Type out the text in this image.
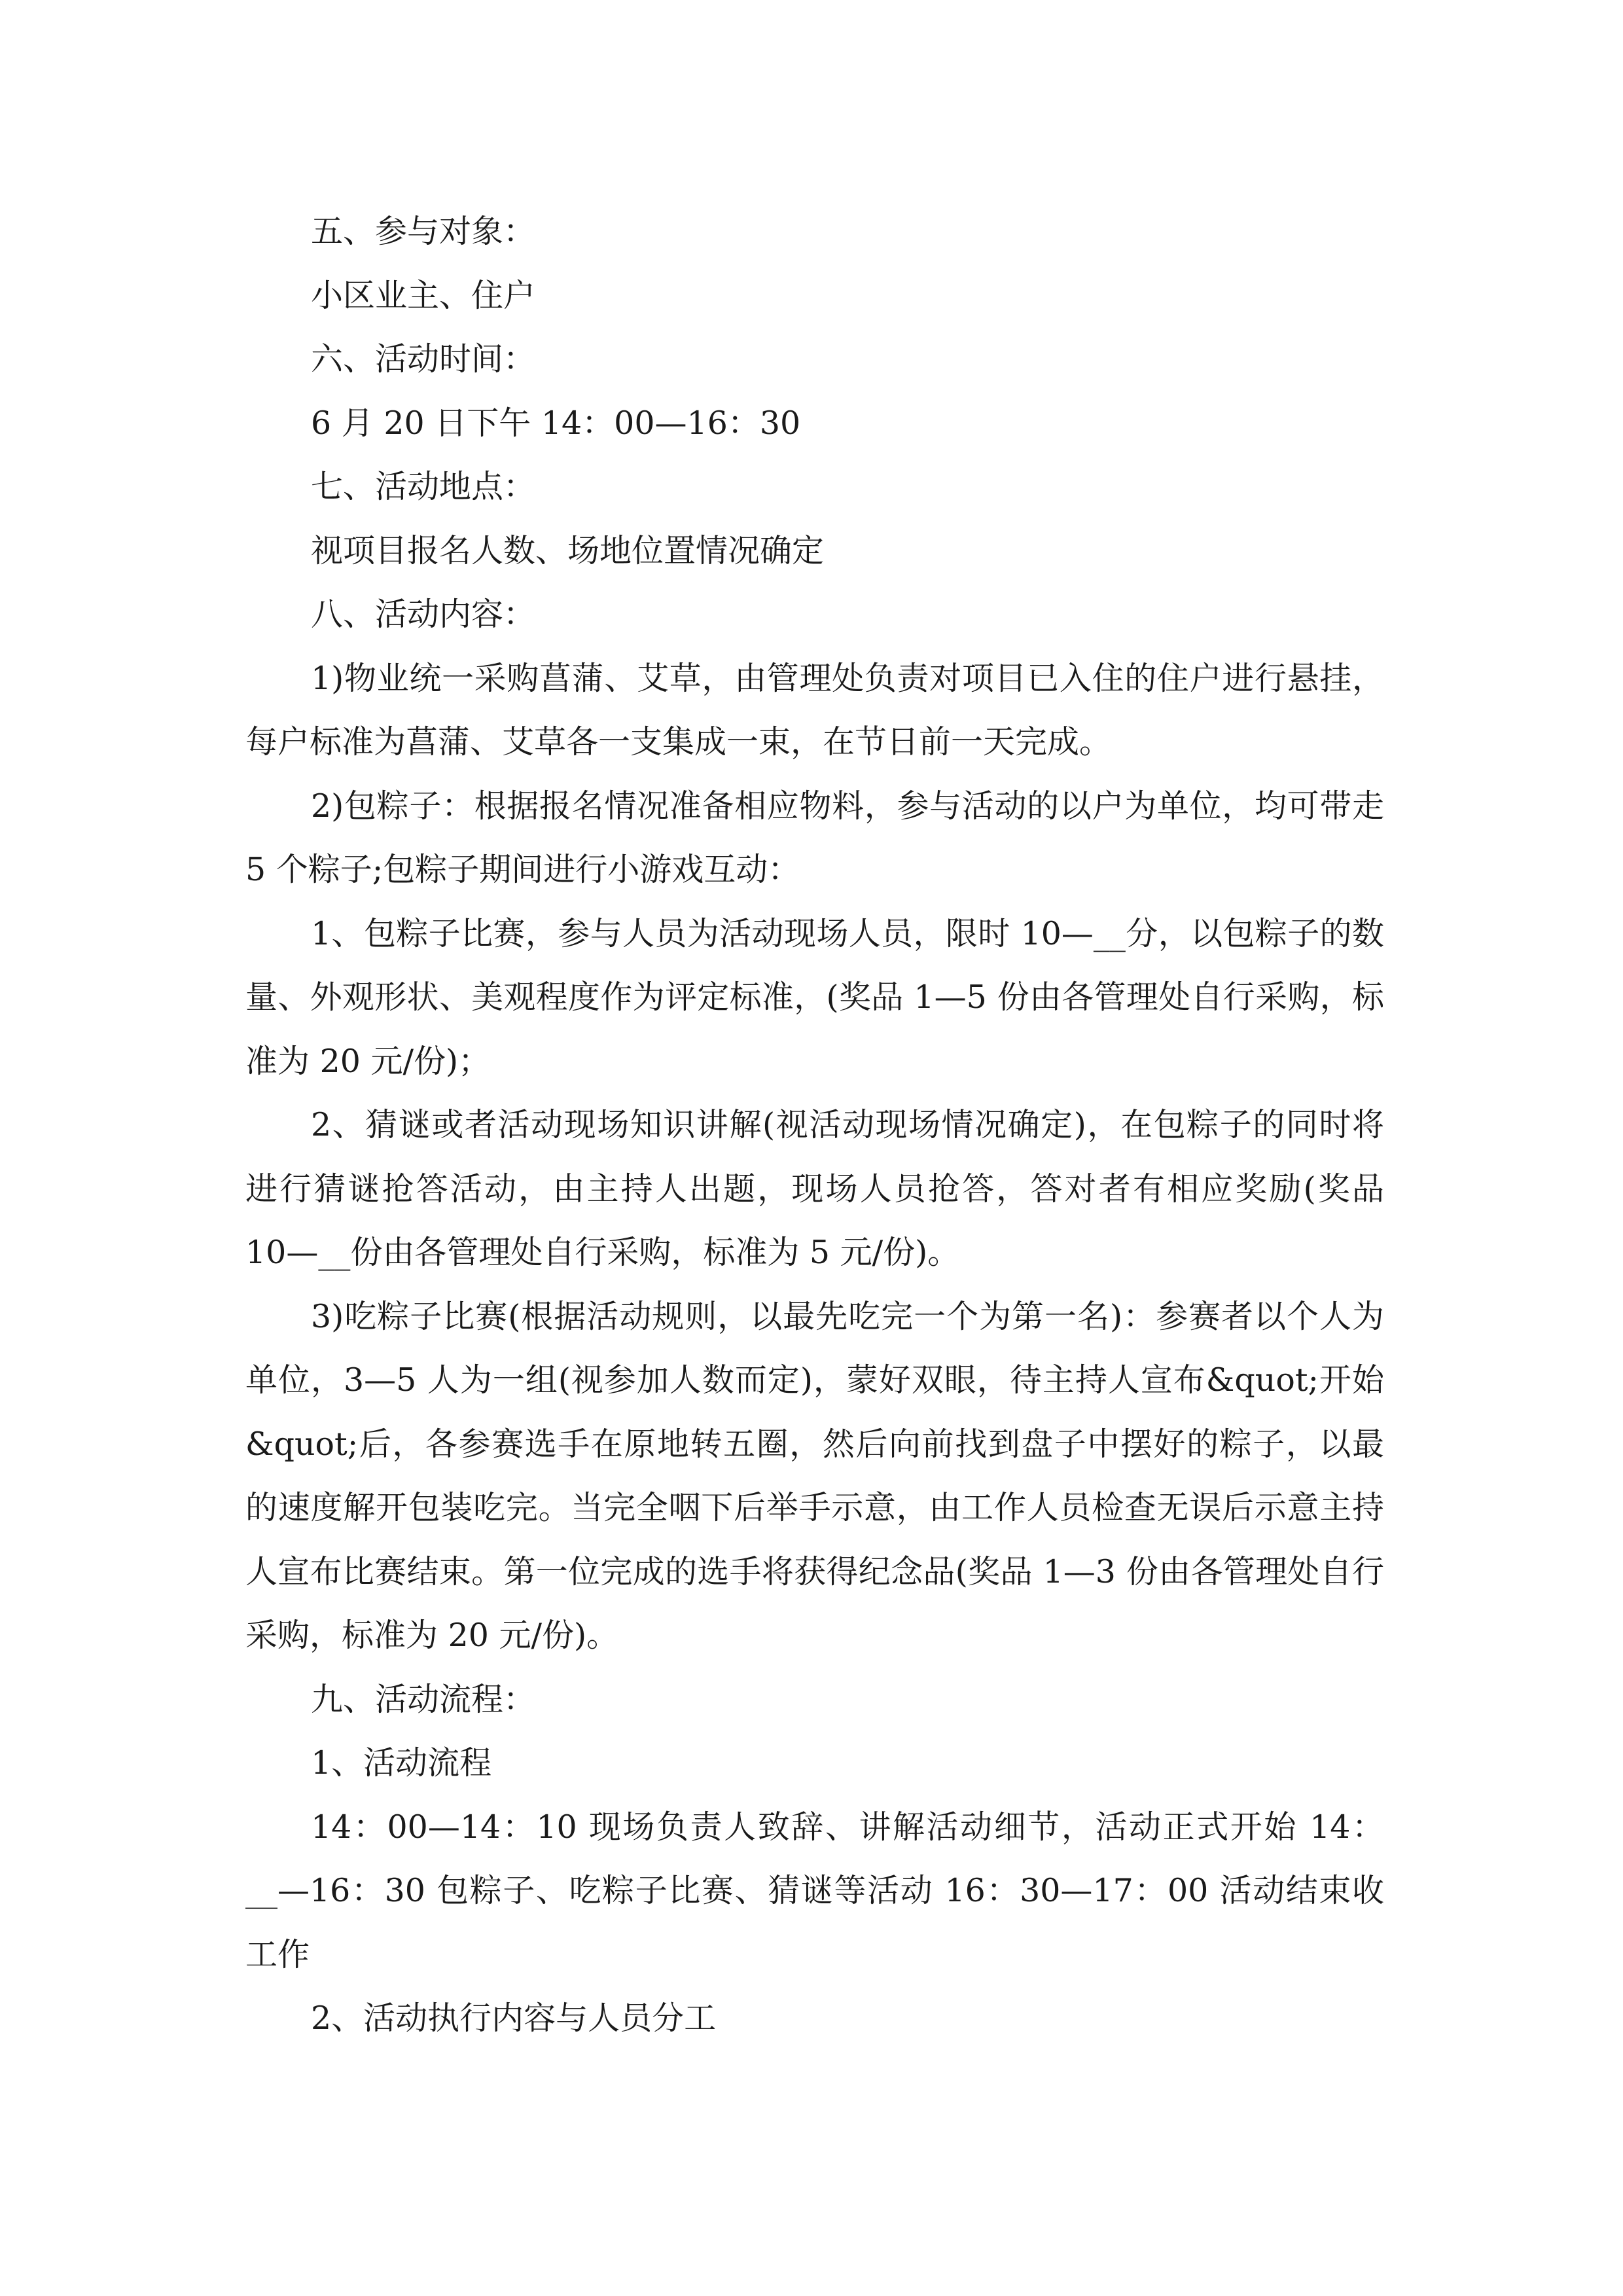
五、参与对象：
小区业主、住户
六、活动时间：
6 月 20 日下午 14：00—16：30
七、活动地点：
视项目报名人数、场地位置情况确定
八、活动内容：
1)物业统一采购菖蒲、艾草，由管理处负责对项目已入住的住户进行悬挂，
每户标准为菖蒲、艾草各一支集成一束，在节日前一天完成。
2)包粽子：根据报名情况准备相应物料，参与活动的以户为单位，均可带走
5 个粽子;包粽子期间进行小游戏互动：
1、包粽子比赛，参与人员为活动现场人员，限时 10—__分，以包粽子的数
量、外观形状、美观程度作为评定标准，(奖品 1—5 份由各管理处自行采购，标
准为 20 元/份)；
2、猜谜或者活动现场知识讲解(视活动现场情况确定)，在包粽子的同时将
进行猜谜抢答活动，由主持人出题，现场人员抢答，答对者有相应奖励(奖品
10—__份由各管理处自行采购，标准为 5 元/份)。
3)吃粽子比赛(根据活动规则，以最先吃完一个为第一名)：参赛者以个人为
单位，3—5 人为一组(视参加人数而定)，蒙好双眼，待主持人宣布&quot;开始
&quot;后，各参赛选手在原地转五圈，然后向前找到盘子中摆好的粽子，以最
的速度解开包装吃完。当完全咽下后举手示意，由工作人员检查无误后示意主持
人宣布比赛结束。第一位完成的选手将获得纪念品(奖品 1—3 份由各管理处自行
采购，标准为 20 元/份)。
九、活动流程：
1、活动流程
14：00—14：10 现场负责人致辞、讲解活动细节，活动正式开始 14：
__—16：30 包粽子、吃粽子比赛、猜谜等活动 16：30—17：00 活动结束收
工作
2、活动执行内容与人员分工
